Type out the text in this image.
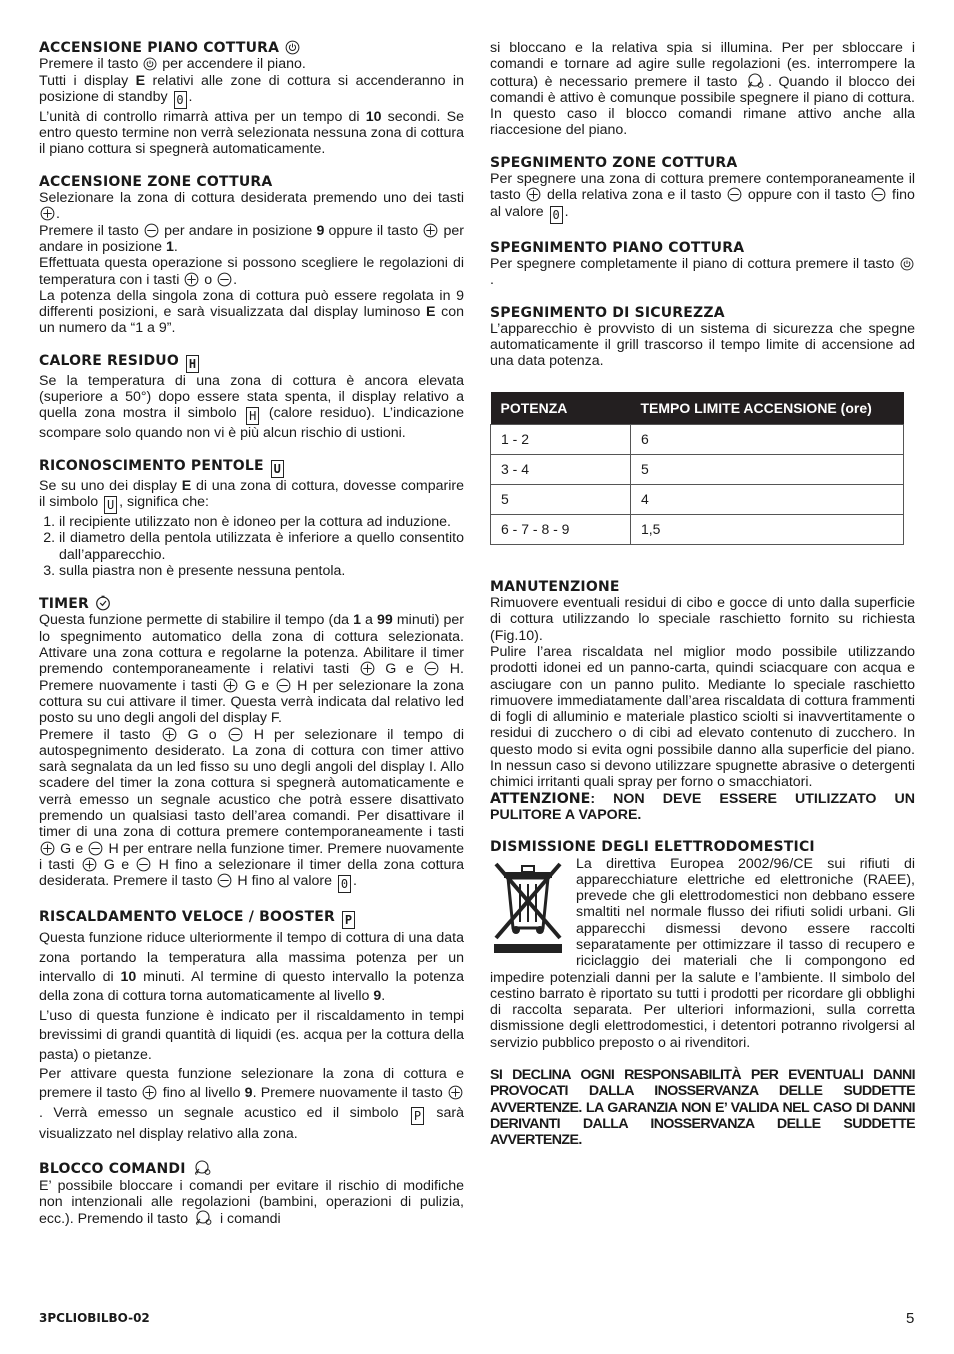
ACCENSIONE PIANO COTTURA

Premere il tasto per accendere il piano.
Tutti i display E relativi alle zone di cottura si accenderanno in posizione di standby 0 .
L’unità di controllo rimarrà attiva per un tempo di 10 secondi. Se entro questo termine non verrà selezionata nessuna zona di cottura il piano cottura si spegnerà automaticamente.

ACCENSIONE ZONE COTTURA

Selezionare la zona di cottura desiderata premendo uno dei tasti .
Premere il tasto per andare in posizione 9 oppure il tasto per andare in posizione 1.
Effettuata questa operazione si possono scegliere le regolazioni di temperatura con i tasti o .
La potenza della singola zona di cottura può essere regolata in 9 differenti posizioni, e sarà visualizzata dal display luminoso E con un numero da “1 a 9”.

CALORE RESIDUO H

Se la temperatura di una zona di cottura è ancora elevata (superiore a 50°) dopo essere stata spenta, il display relativo a quella zona mostra il simbolo H (calore residuo). L’indicazione scompare solo quando non vi è più alcun rischio di ustioni.

RICONOSCIMENTO PENTOLE U

Se su uno dei display E di una zona di cottura, dovesse comparire il simbolo U , significa che:

1. il recipiente utilizzato non è idoneo per la cottura ad induzione.
2. il diametro della pentola utilizzata è inferiore a quello consentito dall’apparecchio.
3. sulla piastra non è presente nessuna pentola.
TIMER

Questa funzione permette di stabilire il tempo (da 1 a 99 minuti) per lo spegnimento automatico della zona di cottura selezionata. Attivare una zona cottura e regolarne la potenza. Abilitare il timer premendo contemporaneamente i relativi tasti	G e	H. Premere nuovamente i tasti G e H per selezionare la zona cottura su cui attivare il timer. Questa verrà indicata dal relativo led posto su uno degli angoli del display F.
Premere il tasto	G o	H per selezionare il tempo di autospegnimento desiderato. La zona di cottura con timer attivo sarà segnalata da un led fisso su uno degli angoli del display I. Allo scadere del timer la zona cottura si spegnerà automaticamente e verrà emesso un segnale acustico che potrà essere disattivato premendo un qualsiasi tasto dell’area comandi. Per disattivare il timer di una zona di cottura premere contemporaneamente i tasti  G e H per entrare nella funzione timer. Premere nuovamente i tasti G e H fino a selezionare il timer della zona cottura desiderata. Premere il tasto H fino al valore 0 .

RISCALDAMENTO VELOCE / BOOSTER P

Questa funzione riduce ulteriormente il tempo di cottura di una data zona portando la temperatura alla massima potenza per un intervallo di 10 minuti. Al termine di questo intervallo la potenza della zona di cottura torna automaticamente al livello 9.

L’uso di questa funzione è indicato per il riscaldamento in tempi brevissimi di grandi quantità di liquidi (es. acqua per la cottura della pasta) o pietanze.

Per attivare questa funzione selezionare la zona di cottura e premere il tasto fino al livello 9. Premere nuovamente il tasto . Verrà emesso un segnale acustico ed il simbolo P sarà visualizzato nel display relativo alla zona.

BLOCCO COMANDI

E’ possibile bloccare i comandi per evitare il rischio di modifiche non intenzionali alle regolazioni (bambini, operazioni di pulizia, ecc.). Premendo il tasto i comandi

si bloccano e la relativa spia si illumina. Per per sbloccare i comandi e tornare ad agire sulle regolazioni (es. interrompere la cottura) è necessario premere il tasto . Quando il blocco dei comandi è attivo è comunque possibile spegnere il piano di cottura. In questo caso il blocco comandi rimane attivo anche alla riaccesione del piano.

SPEGNIMENTO ZONE COTTURA

Per spegnere una zona di cottura premere contemporaneamente il tasto della relativa zona e il tasto oppure con il tasto fino al valore 0 .

SPEGNIMENTO PIANO COTTURA

Per spegnere completamente il piano di cottura premere il tasto  .

SPEGNIMENTO DI SICUREZZA

L’apparecchio è provvisto di un sistema di sicurezza che spegne automaticamente il grill trascorso il tempo limite di accensione ad una data potenza.

POTENZA	TEMPO LIMITE ACCENSIONE (ore)
1 - 2	6
3 - 4	5
5	4
6 - 7 - 8 - 9	1,5
MANUTENZIONE

Rimuovere eventuali residui di cibo e gocce di unto dalla superficie di cottura utilizzando lo speciale raschietto fornito su richiesta (Fig.10).

Pulire l’area riscaldata nel miglior modo possibile utilizzando prodotti idonei ed un panno-carta, quindi sciacquare con acqua e asciugare con un panno pulito. Mediante lo speciale raschietto rimuovere immediatamente dall’area riscaldata di cottura frammenti di fogli di alluminio e materiale plastico sciolti si inavvertitamente o residui di zucchero o di cibi ad elevato contenuto di zucchero. In questo modo si evita ogni possibile danno alla superficie del piano. In nessun caso si devono utilizzare spugnette abrasive o detergenti chimici irritanti quali spray per forno o smacchiatori.

ATTENZIONE: NON DEVE ESSERE UTILIZZATO UN PULITORE A VAPORE.

DISMISSIONE DEGLI ELETTRODOMESTICI

La direttiva Europea 2002/96/CE sui rifiuti di apparecchiature elettriche ed elettroniche (RAEE), prevede che gli elettrodomestici non debbano essere smaltiti nel normale flusso dei rifiuti solidi urbani. Gli apparecchi dismessi devono essere raccolti separatamente per ottimizzare il tasso di recupero e riciclaggio dei materiali che li compongono ed impedire potenziali danni per la salute e l’ambiente. Il simbolo del cestino barrato è riportato su tutti i prodotti per ricordare gli obblighi di raccolta separata. Per ulteriori informazioni, sulla corretta dismissione degli elettrodomestici, i detentori potranno rivolgersi al servizio pubblico preposto o ai rivenditori.

SI DECLINA OGNI RESPONSABILITÀ PER EVENTUALI DANNI PROVOCATI DALLA INOSSERVANZA DELLE SUDDETTE AVVERTENZE. LA GARANZIA NON E’ VALIDA NEL CASO DI DANNI DERIVANTI DALLA INOSSERVANZA DELLE SUDDETTE AVVERTENZE.

3PCLIOBILBO-02	5
